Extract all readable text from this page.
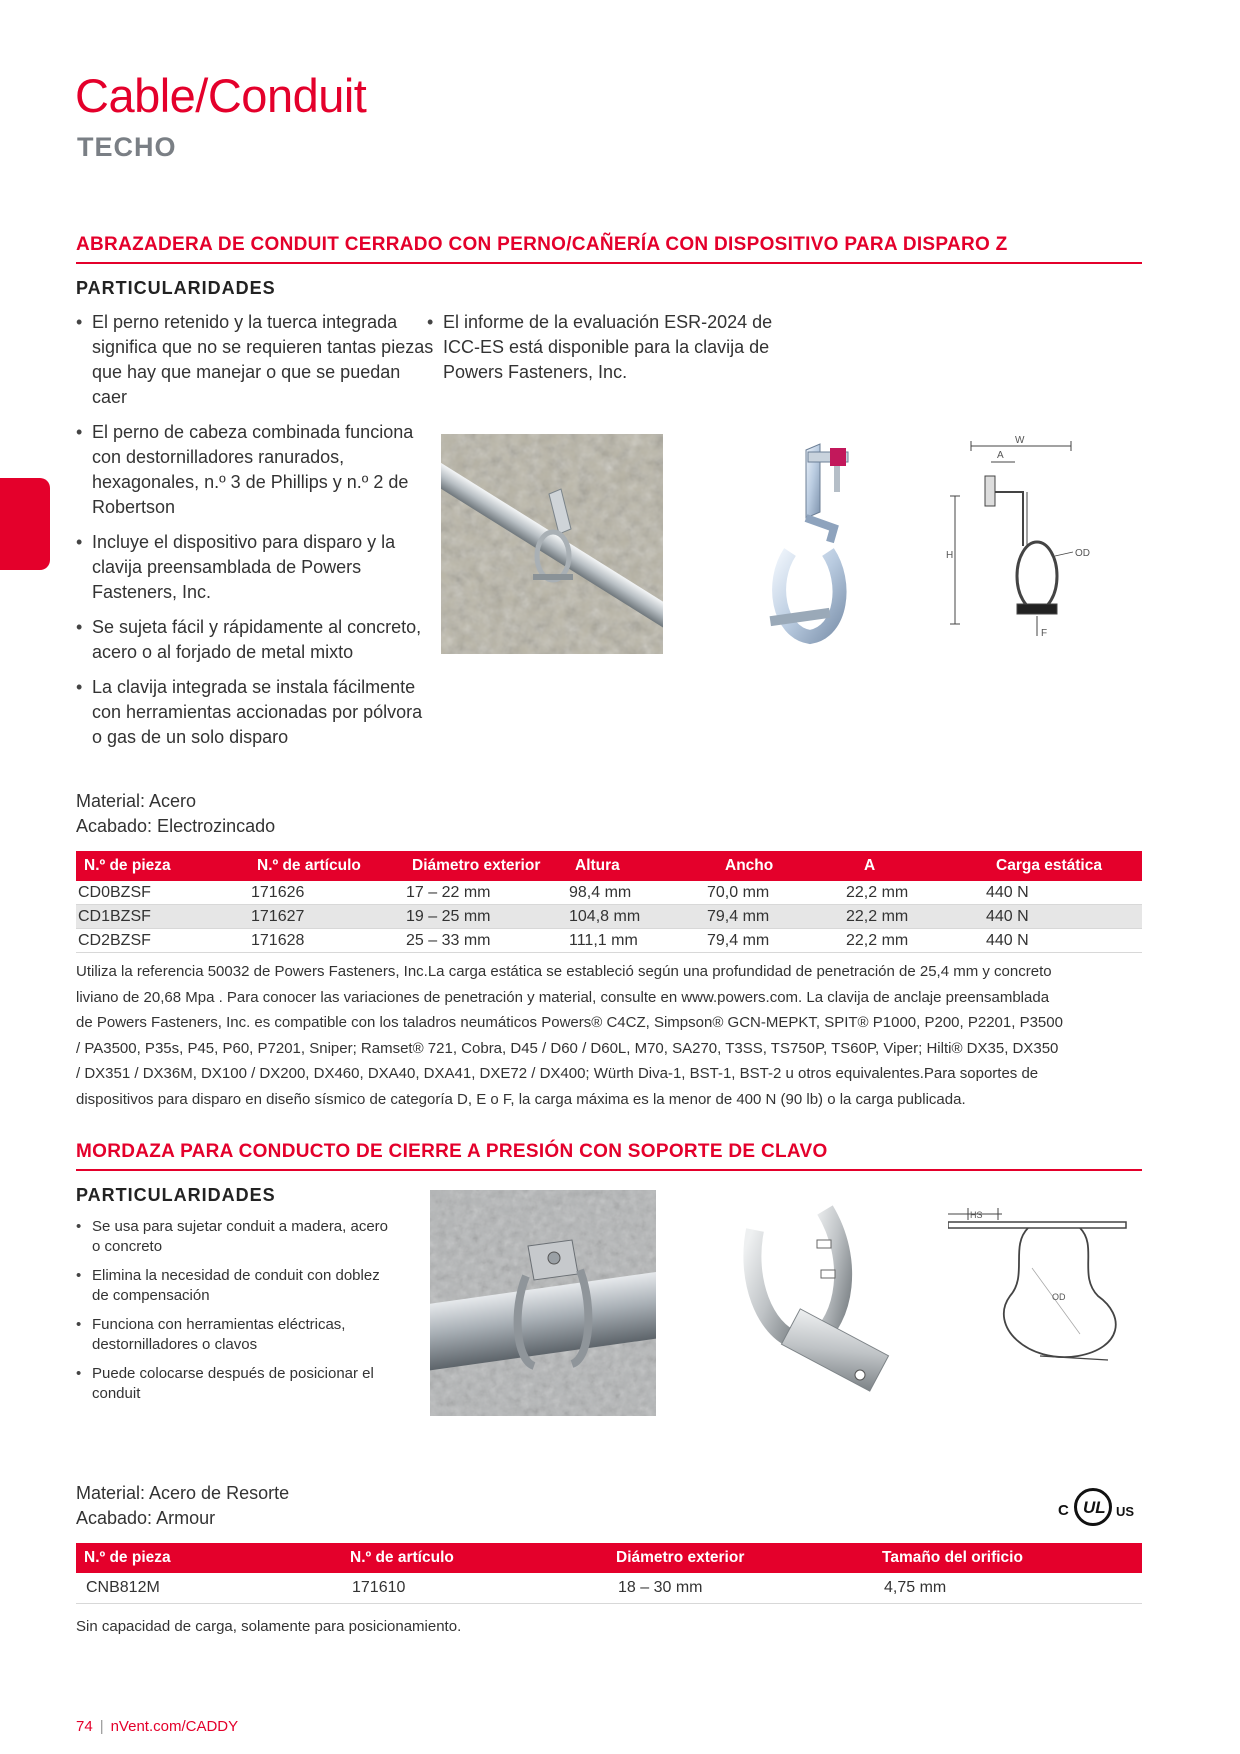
Cable/Conduit
TECHO
ABRAZADERA DE CONDUIT CERRADO CON PERNO/CAÑERÍA CON DISPOSITIVO PARA DISPARO Z
PARTICULARIDADES
• El perno retenido y la tuerca integrada significa que no se requieren tantas piezas que hay que manejar o que se puedan caer
• El perno de cabeza combinada funciona con destornilladores ranurados, hexagonales, n.º 3 de Phillips y n.º 2 de Robertson
• Incluye el dispositivo para disparo y la clavija preensamblada de Powers Fasteners, Inc.
• Se sujeta fácil y rápidamente al concreto, acero o al forjado de metal mixto
• La clavija integrada se instala fácilmente con herramientas accionadas por pólvora o gas de un solo disparo
• El informe de la evaluación ESR-2024 de ICC-ES está disponible para la clavija de Powers Fasteners, Inc.
W
A
H	OD
F
Material: Acero
Acabado: Electrozincado
N.º de pieza	N.º de artículo	Diámetro exterior	Altura	Ancho	A	Carga estática
CD0BZSF	171626	17 – 22 mm	98,4 mm	70,0 mm	22,2 mm	440 N
CD1BZSF	171627	19 – 25 mm	104,8 mm	79,4 mm	22,2 mm	440 N
CD2BZSF	171628	25 – 33 mm	111,1 mm	79,4 mm	22,2 mm	440 N
Utiliza la referencia 50032 de Powers Fasteners, Inc.La carga estática se estableció según una profundidad de penetración de 25,4 mm y concreto
liviano de 20,68 Mpa . Para conocer las variaciones de penetración y material, consulte en www.powers.com. La clavija de anclaje preensamblada
de Powers Fasteners, Inc. es compatible con los taladros neumáticos Powers® C4CZ, Simpson® GCN-MEPKT, SPIT® P1000, P200, P2201, P3500
/ PA3500, P35s, P45, P60, P7201, Sniper; Ramset® 721, Cobra, D45 / D60 / D60L, M70, SA270, T3SS, TS750P, TS60P, Viper; Hilti® DX35, DX350
/ DX351 / DX36M, DX100 / DX200, DX460, DXA40, DXA41, DXE72 / DX400; Würth Diva-1, BST-1, BST-2 u otros equivalentes.Para soportes de
dispositivos para disparo en diseño sísmico de categoría D, E o F, la carga máxima es la menor de 400 N (90 lb) o la carga publicada.
MORDAZA PARA CONDUCTO DE CIERRE A PRESIÓN CON SOPORTE DE CLAVO
PARTICULARIDADES
• Se usa para sujetar conduit a madera, acero o concreto
• Elimina la necesidad de conduit con doblez de compensación
• Funciona con herramientas eléctricas, destornilladores o clavos
• Puede colocarse después de posicionar el conduit
HS
OD
Material: Acero de Resorte
Acabado: Armour	C UL US
N.º de pieza	N.º de artículo	Diámetro exterior	Tamaño del orificio
CNB812M	171610	18 – 30 mm	4,75 mm
Sin capacidad de carga, solamente para posicionamiento.
74 | nVent.com/CADDY
